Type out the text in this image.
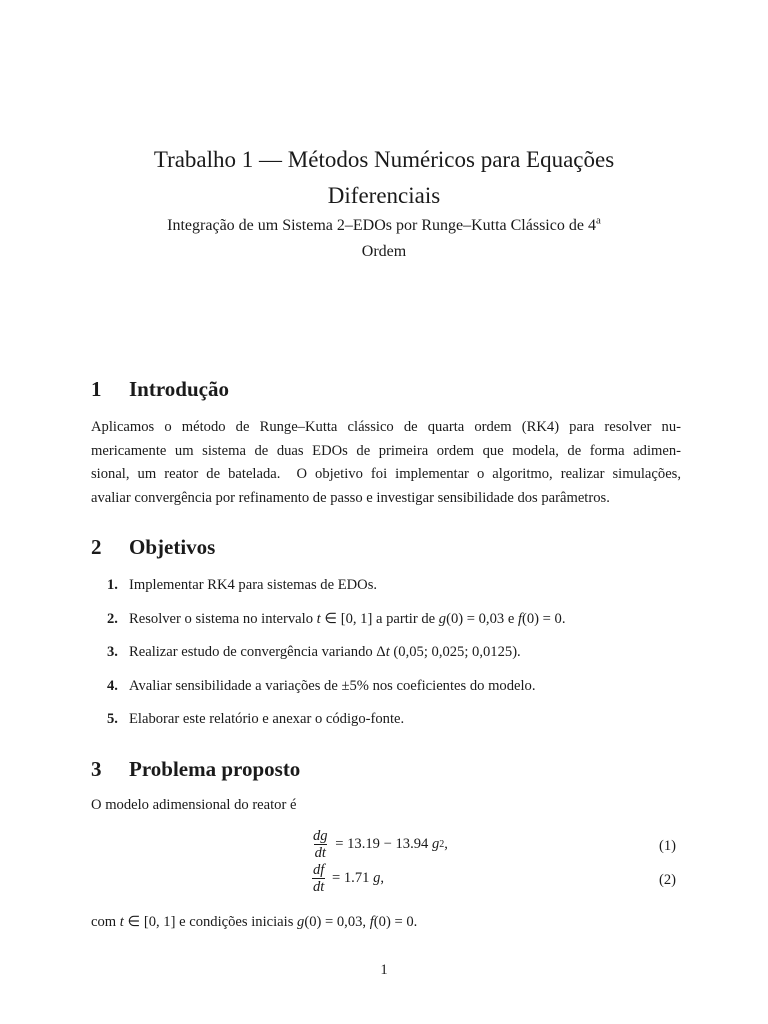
Trabalho 1 — Métodos Numéricos para Equações
Diferenciais
Integração de um Sistema 2–EDOs por Runge–Kutta Clássico de 4$^a$
Ordem
1 Introdução
Aplicamos o método de Runge–Kutta clássico de quarta ordem (RK4) para resolver nu-
mericamente um sistema de duas EDOs de primeira ordem que modela, de forma adimen-
sional, um reator de batelada.  O objetivo foi implementar o algoritmo, realizar simulações,
avaliar convergência por refinamento de passo e investigar sensibilidade dos parâmetros.
2 Objetivos
1. Implementar RK4 para sistemas de EDOs.
2. Resolver o sistema no intervalo t ∈ [0, 1] a partir de g(0) = 0,03 e f(0) = 0.
3. Realizar estudo de convergência variando Δt (0,05; 0,025; 0,0125).
4. Avaliar sensibilidade a variações de ±5% nos coeficientes do modelo.
5. Elaborar este relatório e anexar o código-fonte.
3 Problema proposto

O modelo adimensional do reator é

$\frac{dg}{dt} = 13.19 - 13.94$ g 2 ,	(1)
$\frac{df}{dt} = 1.71$ g ,	(2)

com t ∈ [0, 1] e condições iniciais g(0) = 0,03, f(0) = 0.

1
